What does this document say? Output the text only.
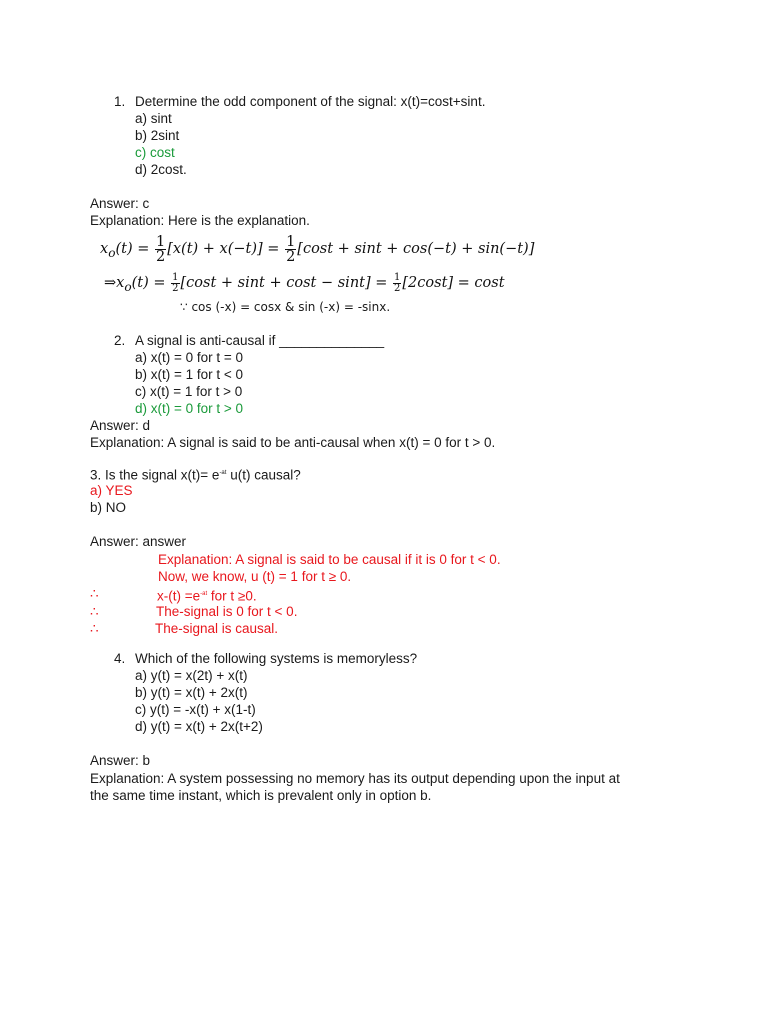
1. Determine the odd component of the signal: x(t)=cost+sint.
a) sint
b) 2sint
c) cost
d) 2cost.
Answer: c
Explanation: Here is the explanation.
$x_o(t) = \frac{1}{2} [x(t) + x(-t)] = \frac{1}{2} [\cos t + \sin t + \cos(-t) + \sin(-t)]$
$\Rightarrow x_o(t) = \frac{1}{2} [\cos t + \sin t + \cos t - \sin t] = \frac{1}{2} [2\cos t] = \cos t$
∵ cos (-x) = cosx & sin (-x) = -sinx.
2. A signal is anti-causal if ______________
a) x(t) = 0 for t = 0
b) x(t) = 1 for t < 0
c) x(t) = 1 for t > 0
d) x(t) = 0 for t > 0
Answer: d
Explanation: A signal is said to be anti-causal when x(t) = 0 for t > 0.
3. Is the signal $x(t)= e^{-at}$ u(t) causal?
a) YES
b) NO
Answer: answer
Explanation: A signal is said to be causal if it is 0 for t < 0.
Now, we know, u (t) = 1 for t ≥ 0.
∴	$x-(t) =e^{-at}$ for t ≥0.
∴	The-signal is 0 for t < 0.
∴	The-signal is causal.
4. Which of the following systems is memoryless?
a) y(t) = x(2t) + x(t)
b) y(t) = x(t) + 2x(t)
c) y(t) = -x(t) + x(1-t)
d) y(t) = x(t) + 2x(t+2)
Answer: b
Explanation: A system possessing no memory has its output depending upon the input at
the same time instant, which is prevalent only in option b.
